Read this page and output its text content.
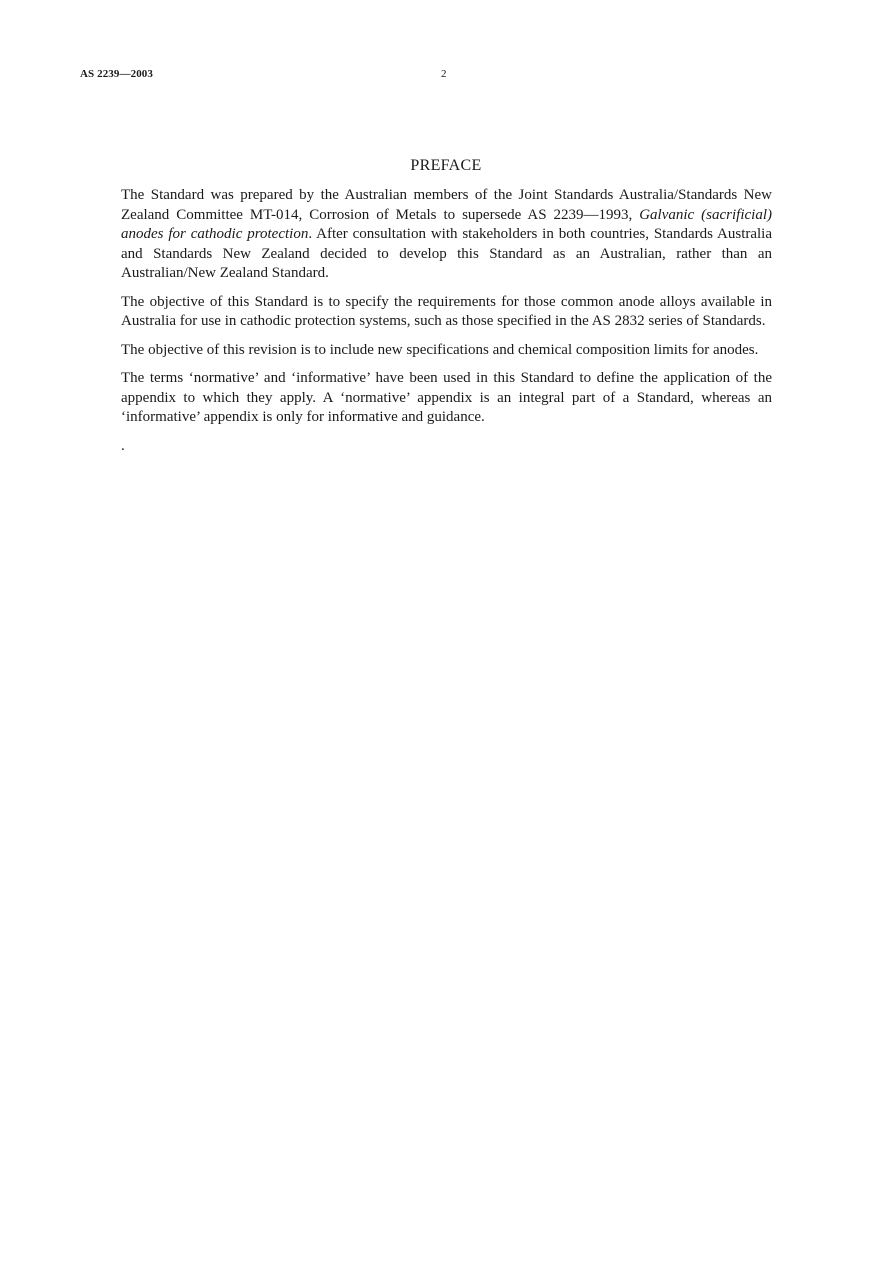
AS 2239—2003	2
PREFACE

The Standard was prepared by the Australian members of the Joint Standards Australia/Standards New Zealand Committee MT-014, Corrosion of Metals to supersede AS 2239—1993, Galvanic (sacrificial) anodes for cathodic protection. After consultation with stakeholders in both countries, Standards Australia and Standards New Zealand decided to develop this Standard as an Australian, rather than an Australian/New Zealand Standard.

The objective of this Standard is to specify the requirements for those common anode alloys available in Australia for use in cathodic protection systems, such as those specified in the AS 2832 series of Standards.

The objective of this revision is to include new specifications and chemical composition limits for anodes.

The terms ‘normative’ and ‘informative’ have been used in this Standard to define the application of the appendix to which they apply. A ‘normative’ appendix is an integral part of a Standard, whereas an ‘informative’ appendix is only for informative and guidance.

.
